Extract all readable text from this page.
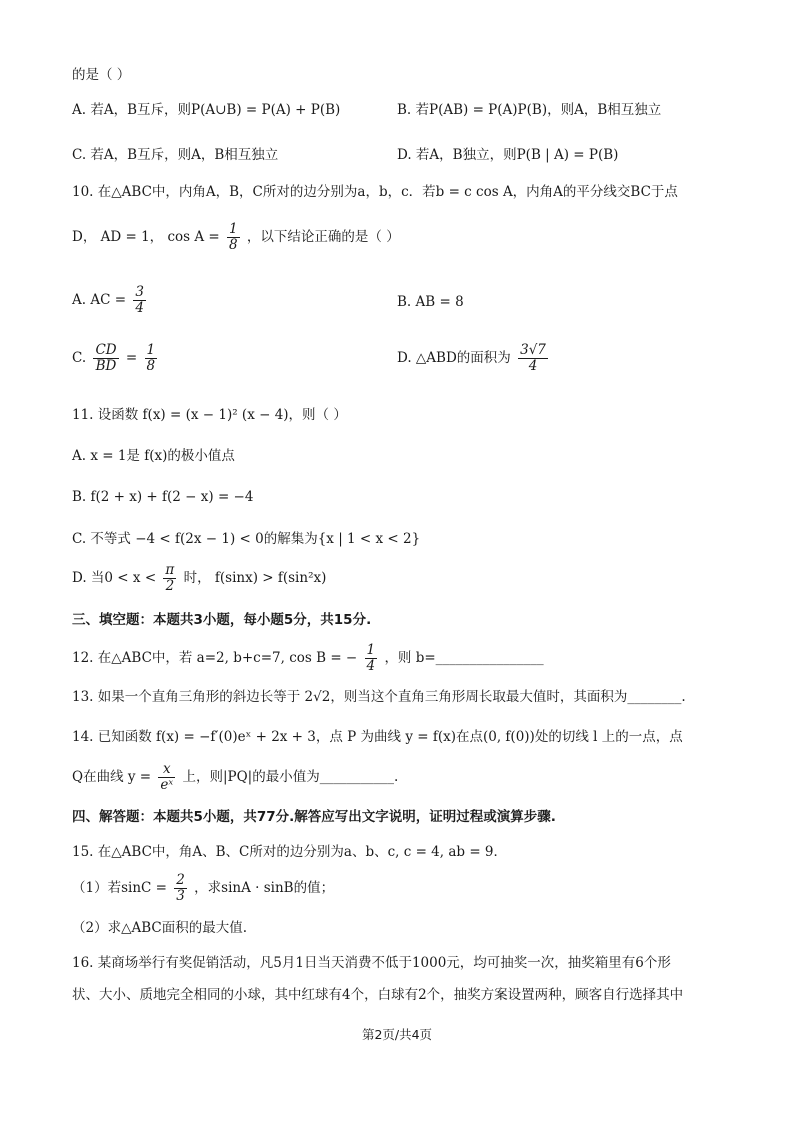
的是（ ）
A. 若A，B互斥，则P(A∪B) = P(A) + P(B)	B. 若P(AB) = P(A)P(B)，则A，B相互独立
C. 若A，B互斥，则A，B相互独立	D. 若A，B独立，则P(B | A) = P(B)
10. 在△ABC中，内角A，B，C所对的边分别为a，b，c．若b = c cos A，内角A的平分线交BC于点
D， AD = 1， $\cos A = \frac{1}{8}$ ，以下结论正确的是（ ）
A. AC = $\frac{3}{4}$	B. AB = 8
C. $\frac{CD}{BD} = \frac{1}{8}$	D. △ABD的面积为 $\frac{3√7}{4}$
11. 设函数 f(x) = (x − 1)² (x − 4)，则（ ）
A. x = 1是 f(x)的极小值点
B. f(2 + x) + f(2 − x) = −4
C. 不等式 −4 < f(2x − 1) < 0的解集为{x | 1 < x < 2}
D. 当$0 < x < \frac{\pi}{2}$ 时， f(sinx) > f(sin²x)
三、填空题：本题共3小题，每小题5分，共15分.
12. 在△ABC中，若 a=2, b+c=7, cos B = − $\frac{1}{4}$ ，则 b=________________
13. 如果一个直角三角形的斜边长等于 2√2，则当这个直角三角形周长取最大值时，其面积为________.
14. 已知函数 f(x) = −f′(0)eˣ + 2x + 3，点 P 为曲线 y = f(x)在点(0, f(0))处的切线 l 上的一点，点
Q在曲线 $y = \frac{x}{\text{eˣ}}$ 上，则|PQ|的最小值为___________.
四、解答题：本题共5小题，共77分.解答应写出文字说明，证明过程或演算步骤.
15. 在△ABC中，角A、B、C所对的边分别为a、b、c, c = 4, ab = 9．
（1）若$\sin C = \frac{2}{3}$ ，求sinA · sinB的值；
（2）求△ABC面积的最大值.
16. 某商场举行有奖促销活动，凡5月1日当天消费不低于1000元，均可抽奖一次，抽奖箱里有6个形
状、大小、质地完全相同的小球，其中红球有4个，白球有2个，抽奖方案设置两种，顾客自行选择其中
第2页/共4页
